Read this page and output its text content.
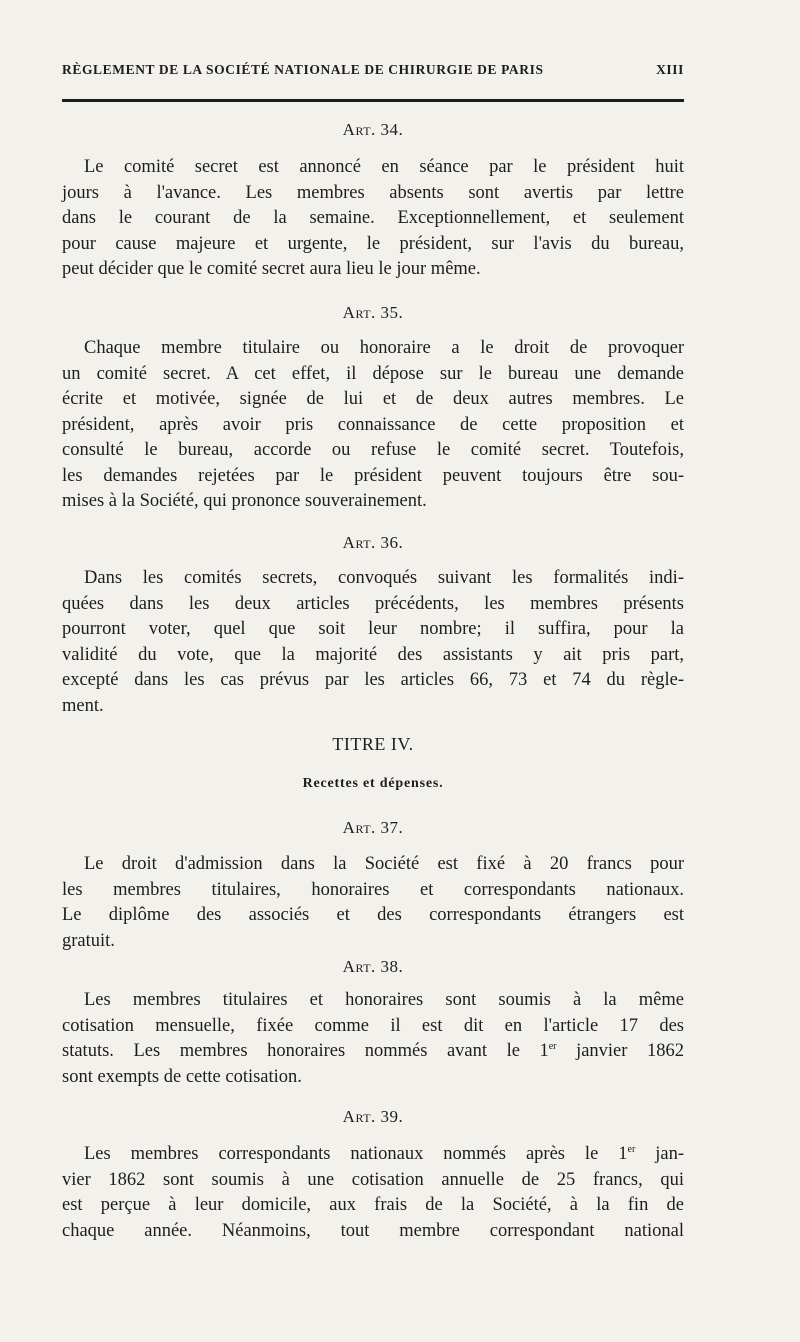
RÈGLEMENT DE LA SOCIÉTÉ NATIONALE DE CHIRURGIE DE PARIS	XIII
Art. 34.
Le comité secret est annoncé en séance par le président huit
jours à l'avance. Les membres absents sont avertis par lettre
dans le courant de la semaine. Exceptionnellement, et seulement
pour cause majeure et urgente, le président, sur l'avis du bureau,
peut décider que le comité secret aura lieu le jour même.
Art. 35.
Chaque membre titulaire ou honoraire a le droit de provoquer
un comité secret. A cet effet, il dépose sur le bureau une demande
écrite et motivée, signée de lui et de deux autres membres. Le
président, après avoir pris connaissance de cette proposition et
consulté le bureau, accorde ou refuse le comité secret. Toutefois,
les demandes rejetées par le président peuvent toujours être sou-
mises à la Société, qui prononce souverainement.
Art. 36.
Dans les comités secrets, convoqués suivant les formalités indi-
quées dans les deux articles précédents, les membres présents
pourront voter, quel que soit leur nombre; il suffira, pour la
validité du vote, que la majorité des assistants y ait pris part,
excepté dans les cas prévus par les articles 66, 73 et 74 du règle-
ment.
TITRE IV.
Recettes et dépenses.
Art. 37.
Le droit d'admission dans la Société est fixé à 20 francs pour
les membres titulaires, honoraires et correspondants nationaux.
Le diplôme des associés et des correspondants étrangers est
gratuit.
Art. 38.
Les membres titulaires et honoraires sont soumis à la même
cotisation mensuelle, fixée comme il est dit en l'article 17 des
statuts. Les membres honoraires nommés avant le 1er janvier 1862
sont exempts de cette cotisation.
Art. 39.
Les membres correspondants nationaux nommés après le 1er jan-
vier 1862 sont soumis à une cotisation annuelle de 25 francs, qui
est perçue à leur domicile, aux frais de la Société, à la fin de
chaque année. Néanmoins, tout membre correspondant national
